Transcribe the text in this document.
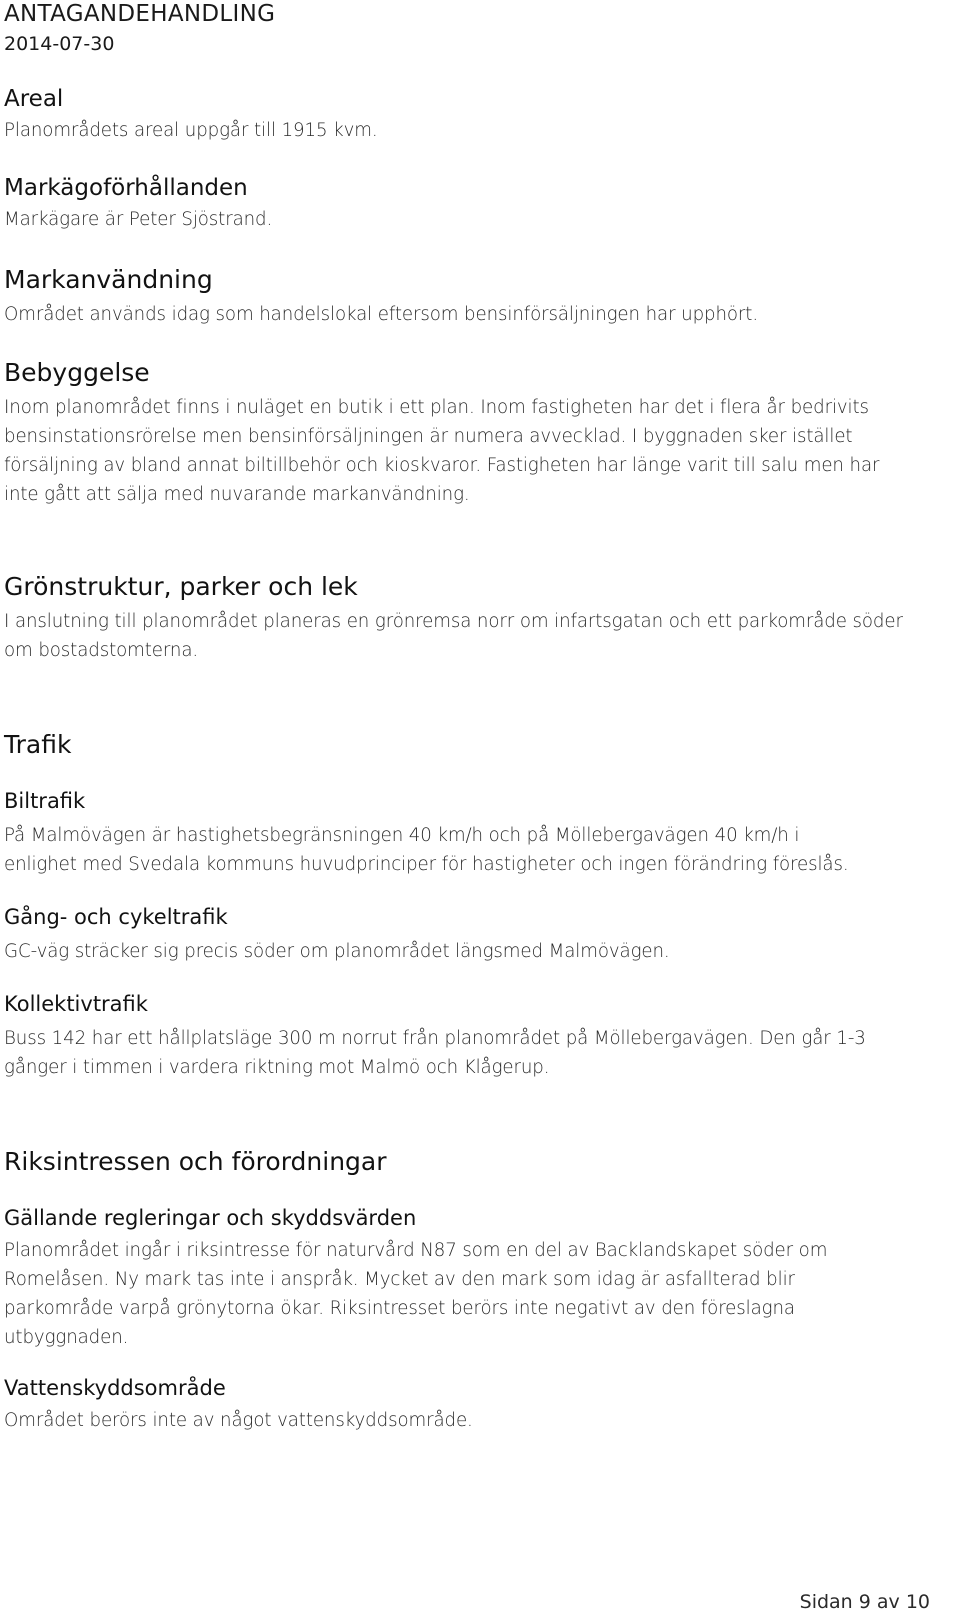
ANTAGANDEHANDLING
2014-07-30
Areal
Planområdets areal uppgår till 1915 kvm.
Markägoförhållanden
Markägare är Peter Sjöstrand.
Markanvändning
Området används idag som handelslokal eftersom bensinförsäljningen har upphört.
Bebyggelse
Inom planområdet finns i nuläget en butik i ett plan. Inom fastigheten har det i flera år bedrivits
bensinstationsrörelse men bensinförsäljningen är numera avvecklad. I byggnaden sker istället
försäljning av bland annat biltillbehör och kioskvaror. Fastigheten har länge varit till salu men har
inte gått att sälja med nuvarande markanvändning.
Grönstruktur, parker och lek
I anslutning till planområdet planeras en grönremsa norr om infartsgatan och ett parkområde söder
om bostadstomterna.
Trafik
Biltrafik
På Malmövägen är hastighetsbegränsningen 40 km/h och på Möllebergavägen 40 km/h i
enlighet med Svedala kommuns huvudprinciper för hastigheter och ingen förändring föreslås.
Gång- och cykeltrafik
GC-väg sträcker sig precis söder om planområdet längsmed Malmövägen.
Kollektivtrafik
Buss 142 har ett hållplatsläge 300 m norrut från planområdet på Möllebergavägen. Den går 1-3
gånger i timmen i vardera riktning mot Malmö och Klågerup.
Riksintressen och förordningar
Gällande regleringar och skyddsvärden
Planområdet ingår i riksintresse för naturvård N87 som en del av Backlandskapet söder om
Romelåsen. Ny mark tas inte i anspråk. Mycket av den mark som idag är asfallterad blir
parkområde varpå grönytorna ökar. Riksintresset berörs inte negativt av den föreslagna
utbyggnaden.
Vattenskyddsområde
Området berörs inte av något vattenskyddsområde.
Sidan 9 av 10
